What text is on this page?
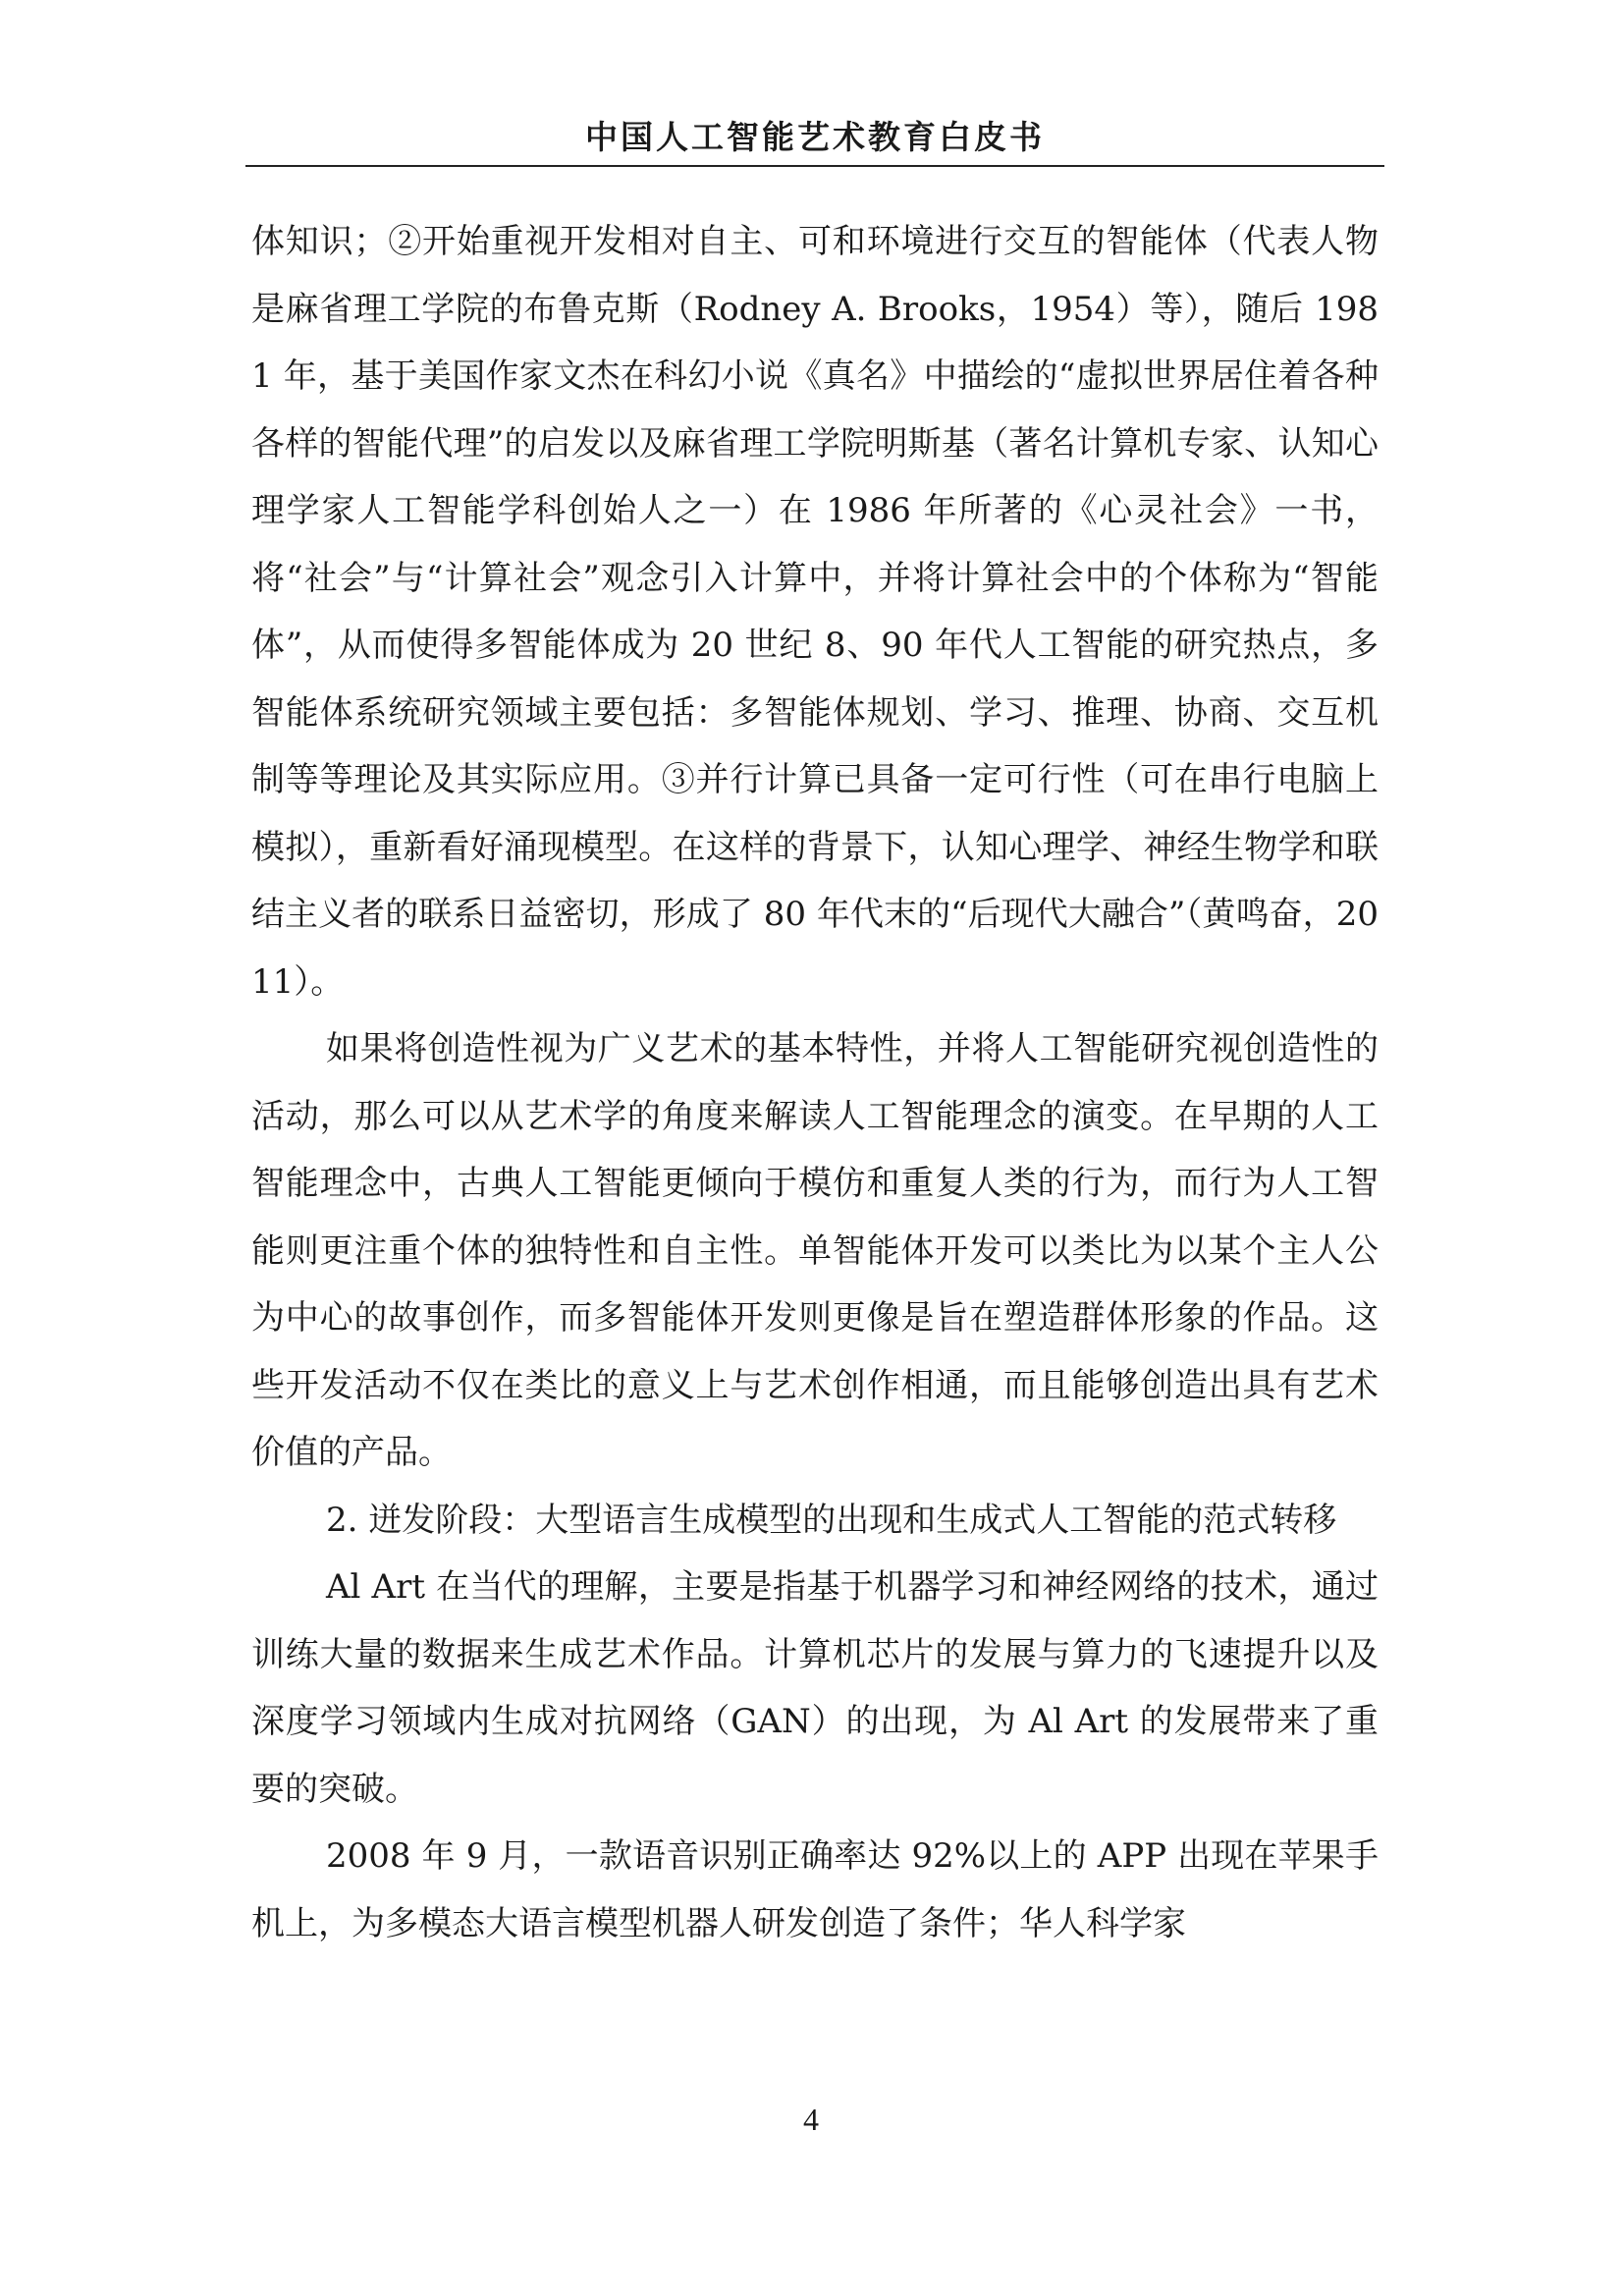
中国人工智能艺术教育白皮书

体知识；②开始重视开发相对自主、可和环境进行交互的智能体（代表人物是麻省理工学院的布鲁克斯（Rodney A. Brooks，1954）等），随后 1981 年，基于美国作家文杰在科幻小说《真名》中描绘的“虚拟世界居住着各种各样的智能代理”的启发以及麻省理工学院明斯基（著名计算机专家、认知心理学家人工智能学科创始人之一）在 1986 年所著的《心灵社会》一书，将“社会”与“计算社会”观念引入计算中，并将计算社会中的个体称为“智能体”，从而使得多智能体成为 20 世纪 8、90 年代人工智能的研究热点，多智能体系统研究领域主要包括：多智能体规划、学习、推理、协商、交互机制等等理论及其实际应用。③并行计算已具备一定可行性（可在串行电脑上模拟），重新看好涌现模型。在这样的背景下，认知心理学、神经生物学和联结主义者的联系日益密切，形成了 80 年代末的“后现代大融合”（黄鸣奋，2011）。

如果将创造性视为广义艺术的基本特性，并将人工智能研究视创造性的活动，那么可以从艺术学的角度来解读人工智能理念的演变。在早期的人工智能理念中，古典人工智能更倾向于模仿和重复人类的行为，而行为人工智能则更注重个体的独特性和自主性。单智能体开发可以类比为以某个主人公为中心的故事创作，而多智能体开发则更像是旨在塑造群体形象的作品。这些开发活动不仅在类比的意义上与艺术创作相通，而且能够创造出具有艺术价值的产品。

2. 迸发阶段：大型语言生成模型的出现和生成式人工智能的范式转移

Al Art 在当代的理解，主要是指基于机器学习和神经网络的技术，通过训练大量的数据来生成艺术作品。计算机芯片的发展与算力的飞速提升以及深度学习领域内生成对抗网络（GAN）的出现，为 Al Art 的发展带来了重要的突破。

2008 年 9 月，一款语音识别正确率达 92%以上的 APP 出现在苹果手机上，为多模态大语言模型机器人研发创造了条件；华人科学家

4
